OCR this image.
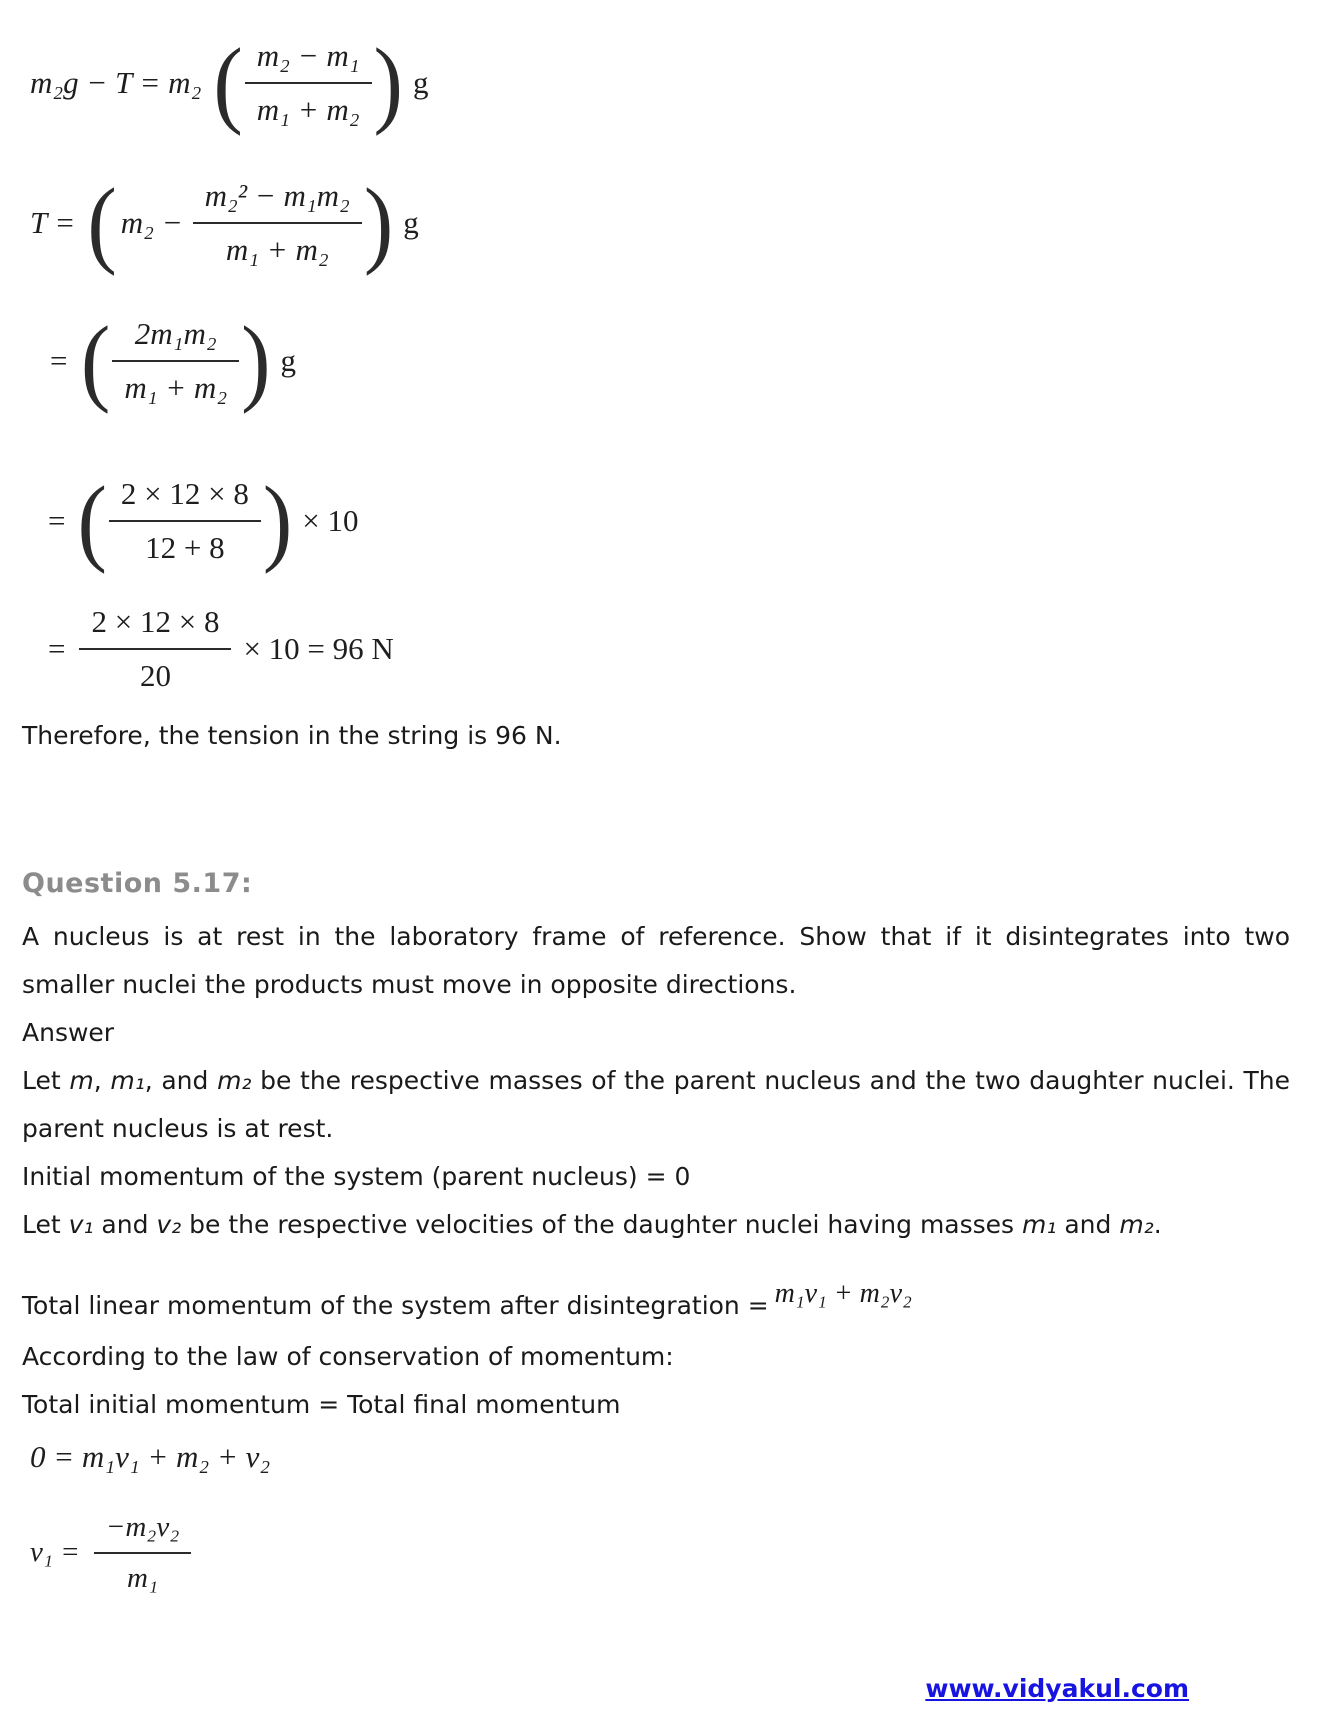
m₂g − T = m₂ ( $\frac{\text{m₂ − m₁}}{\text{m₁ + m₂}}$ ) g
T = ( $m_2 - \frac{\text{m₂² − m₁m₂}}{\text{m₁ + m₂}}$ ) g
= ( $\frac{\text{2m₁m₂}}{\text{m₁ + m₂}}$ ) g
= ( $\frac{2 \times 12 \times 8}{12 + 8}$ ) × 10
= $\frac{2 \times 12 \times 8}{20} \times 10 = 96$ N

Therefore, the tension in the string is 96 N.

Question 5.17:

A nucleus is at rest in the laboratory frame of reference. Show that if it disintegrates into two smaller nuclei the products must move in opposite directions.

Answer

Let m, m₁, and m₂ be the respective masses of the parent nucleus and the two daughter nuclei. The parent nucleus is at rest.

Initial momentum of the system (parent nucleus) = 0

Let v₁ and v₂ be the respective velocities of the daughter nuclei having masses m₁ and m₂.

Total linear momentum of the system after disintegration = m₁v₁ + m₂v₂

According to the law of conservation of momentum:

Total initial momentum = Total final momentum

0 = m₁v₁ + m₂ + v₂
$v_1 = \frac{\text{−m₂v₂}}{\text{m₁}}$
www.vidyakul.com
